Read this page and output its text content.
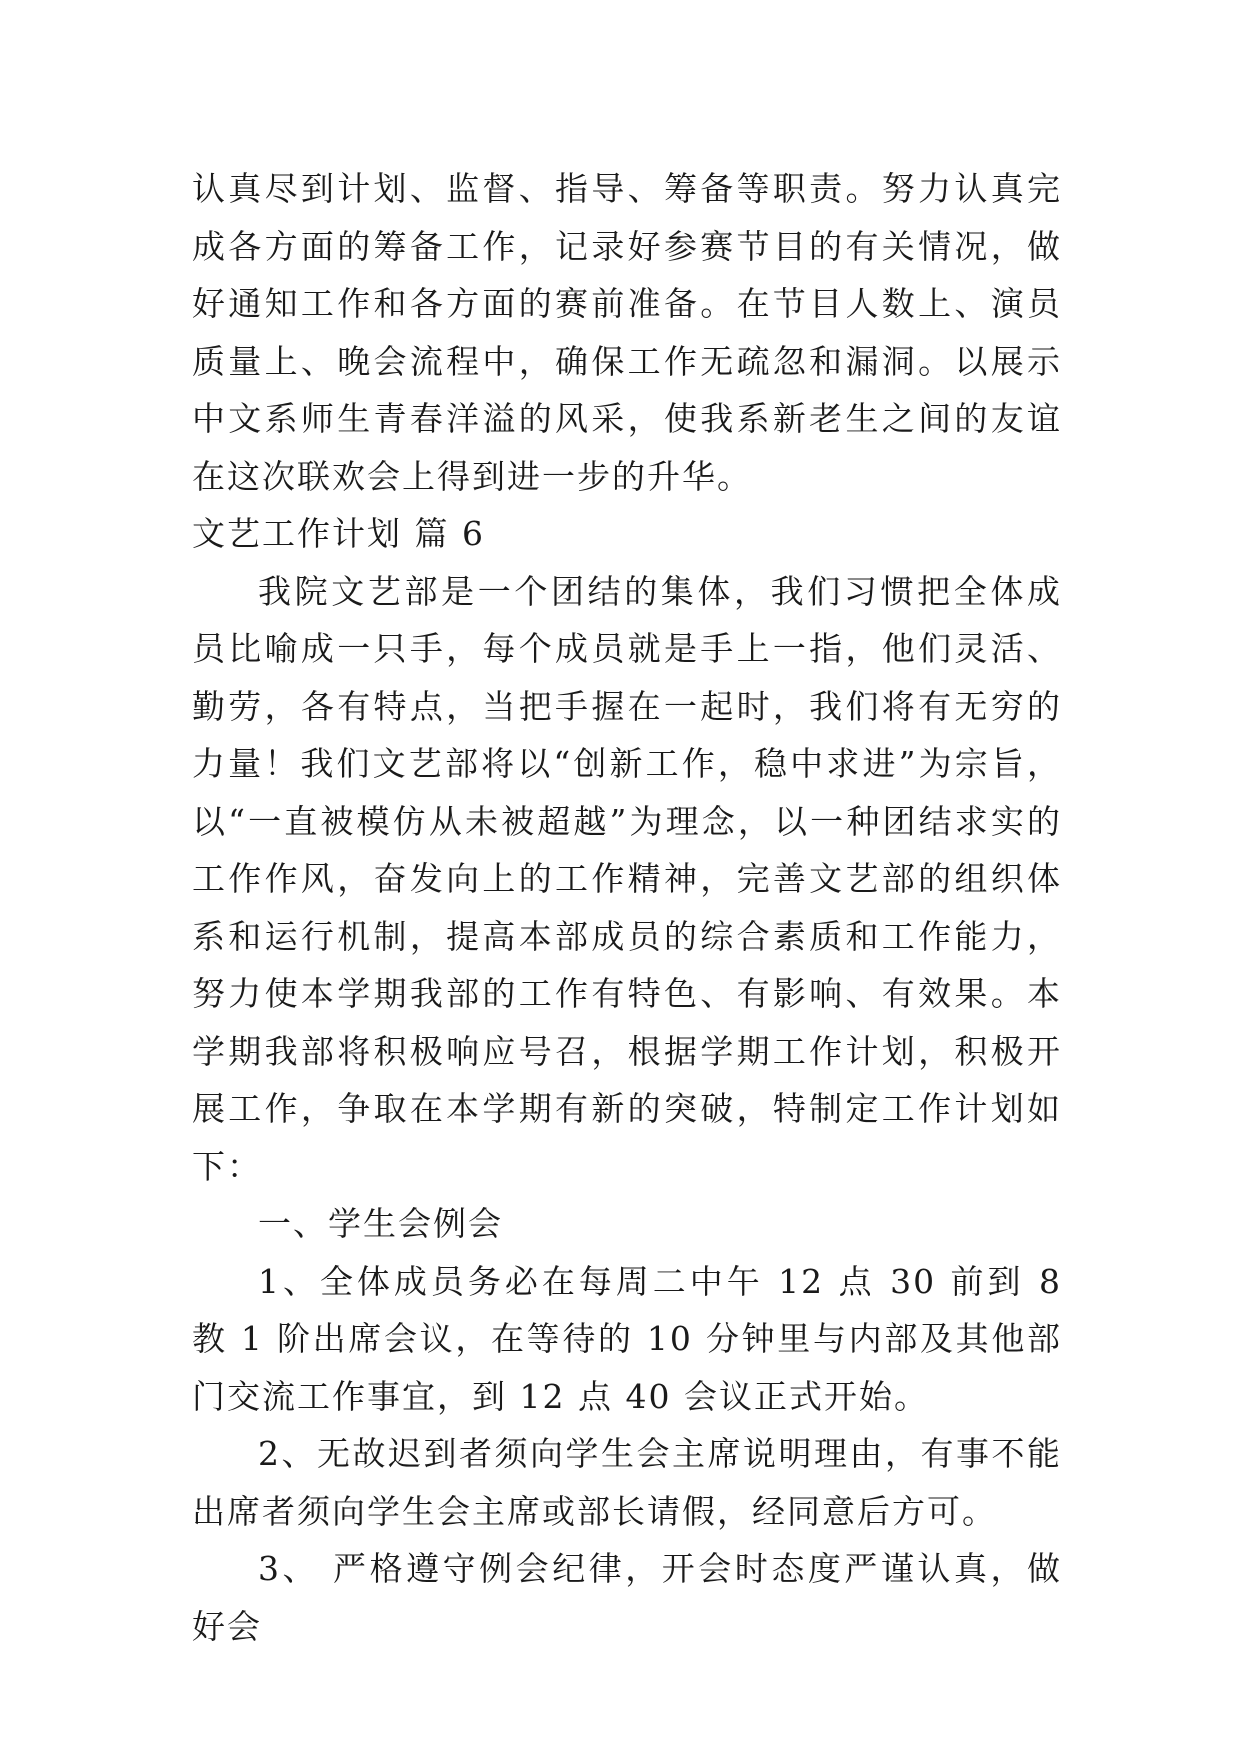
认真尽到计划、监督、指导、筹备等职责。努力认真完成各方面的筹备工作，记录好参赛节目的有关情况，做好通知工作和各方面的赛前准备。在节目人数上、演员质量上、晚会流程中，确保工作无疏忽和漏洞。以展示中文系师生青春洋溢的风采，使我系新老生之间的友谊在这次联欢会上得到进一步的升华。

文艺工作计划 篇 6

我院文艺部是一个团结的集体，我们习惯把全体成员比喻成一只手，每个成员就是手上一指，他们灵活、勤劳，各有特点，当把手握在一起时，我们将有无穷的力量！我们文艺部将以“创新工作，稳中求进”为宗旨，以“一直被模仿从未被超越”为理念，以一种团结求实的工作作风，奋发向上的工作精神，完善文艺部的组织体系和运行机制，提高本部成员的综合素质和工作能力，努力使本学期我部的工作有特色、有影响、有效果。本学期我部将积极响应号召，根据学期工作计划，积极开展工作，争取在本学期有新的突破，特制定工作计划如下：

一、学生会例会

1、全体成员务必在每周二中午 12 点 30 前到 8 教 1 阶出席会议，在等待的 10 分钟里与内部及其他部门交流工作事宜，到 12 点 40 会议正式开始。

2、无故迟到者须向学生会主席说明理由，有事不能出席者须向学生会主席或部长请假，经同意后方可。

3、 严格遵守例会纪律，开会时态度严谨认真，做好会
